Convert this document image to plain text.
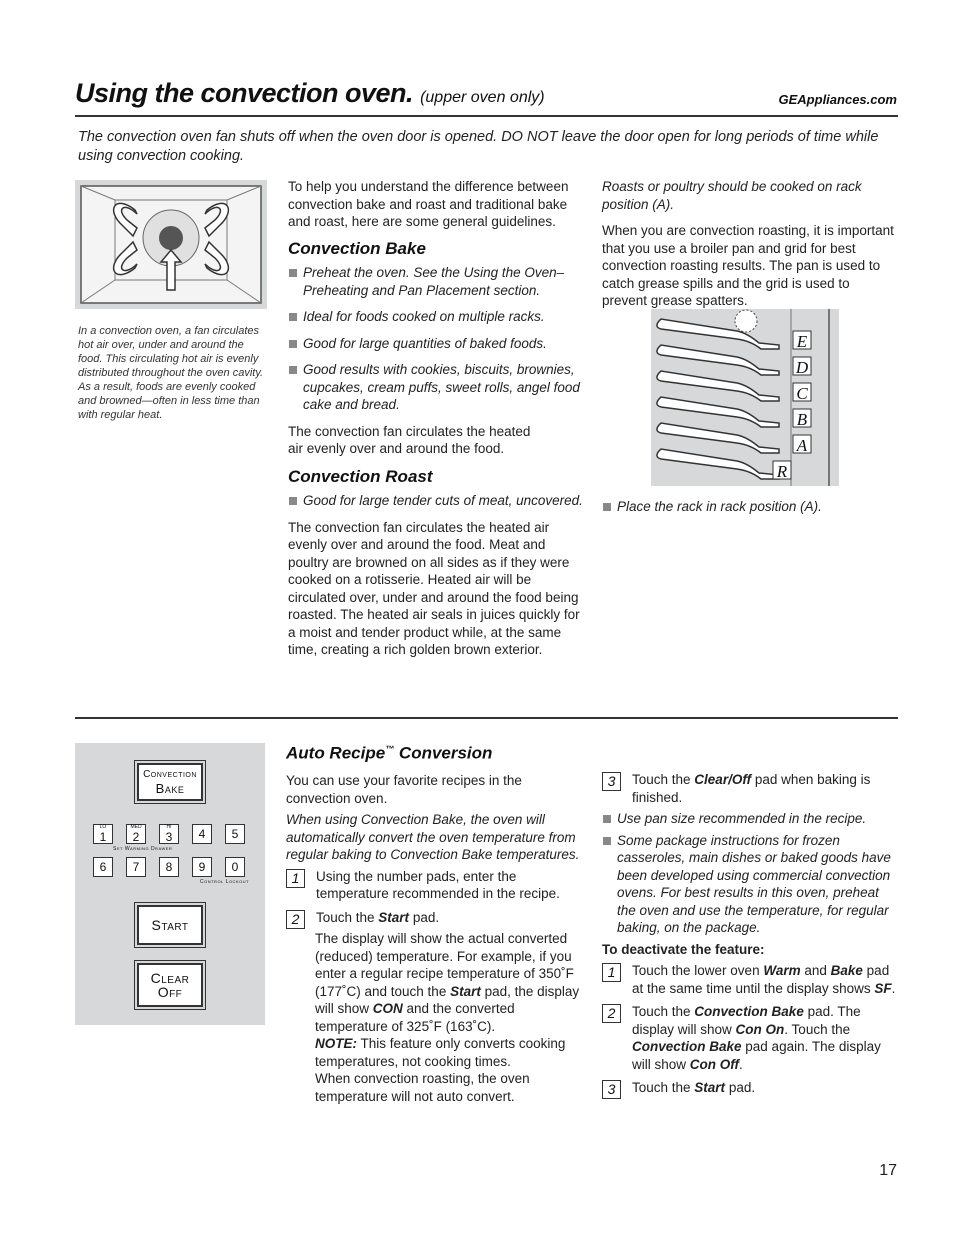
Using the convection oven. (upper oven only)	GEAppliances.com
The convection oven fan shuts off when the oven door is opened. DO NOT leave the door open for long periods of time while using convection cooking.
In a convection oven, a fan circulates hot air over, under and around the food. This circulating hot air is evenly distributed throughout the oven cavity. As a result, foods are evenly cooked and browned—often in less time than with regular heat.

To help you understand the difference between convection bake and roast and traditional bake and roast, here are some general guidelines.

Convection Bake
Preheat the oven. See the Using the Oven– Preheating and Pan Placement section.
Ideal for foods cooked on multiple racks.
Good for large quantities of baked foods.
Good results with cookies, biscuits, brownies, cupcakes, cream puffs, sweet rolls, angel food cake and bread.

The convection fan circulates the heated air evenly over and around the food.

Convection Roast
Good for large tender cuts of meat, uncovered.

The convection fan circulates the heated air evenly over and around the food. Meat and poultry are browned on all sides as if they were cooked on a rotisserie. Heated air will be circulated over, under and around the food being roasted. The heated air seals in juices quickly for a moist and tender product while, at the same time, creating a rich golden brown exterior.

Roasts or poultry should be cooked on rack position (A).

When you are convection roasting, it is important that you use a broiler pan and grid for best convection roasting results. The pan is used to catch grease spills and the grid is used to prevent grease spatters.

E
D
C
B
A
R
Place the rack in rack position (A).
Convection
Bake
LO
1
MED
2
HI
3 4 5
Set Warming Drawer
6 7 8 9 0
Control Lockout
Start
Clear
Off
Auto Recipe™ Conversion

You can use your favorite recipes in the convection oven.

When using Convection Bake, the oven will automatically convert the oven temperature from regular baking to Convection Bake temperatures.

1	Using the number pads, enter the temperature recommended in the recipe.
2	Touch the Start pad.
The display will show the actual converted (reduced) temperature. For example, if you enter a regular recipe temperature of 350˚F (177˚C) and touch the Start pad, the display will show CON and the converted temperature of 325˚F (163˚C).
NOTE: This feature only converts cooking temperatures, not cooking times.
When convection roasting, the oven temperature will not auto convert.
3	Touch the Clear/Off pad when baking is finished.
Use pan size recommended in the recipe.
Some package instructions for frozen casseroles, main dishes or baked goods have been developed using commercial convection ovens. For best results in this oven, preheat the oven and use the temperature, for regular baking, on the package.

To deactivate the feature:

1	Touch the lower oven Warm and Bake pad at the same time until the display shows SF.
2	Touch the Convection Bake pad. The display will show Con On. Touch the Convection Bake pad again. The display will show Con Off.
3	Touch the Start pad.
17
